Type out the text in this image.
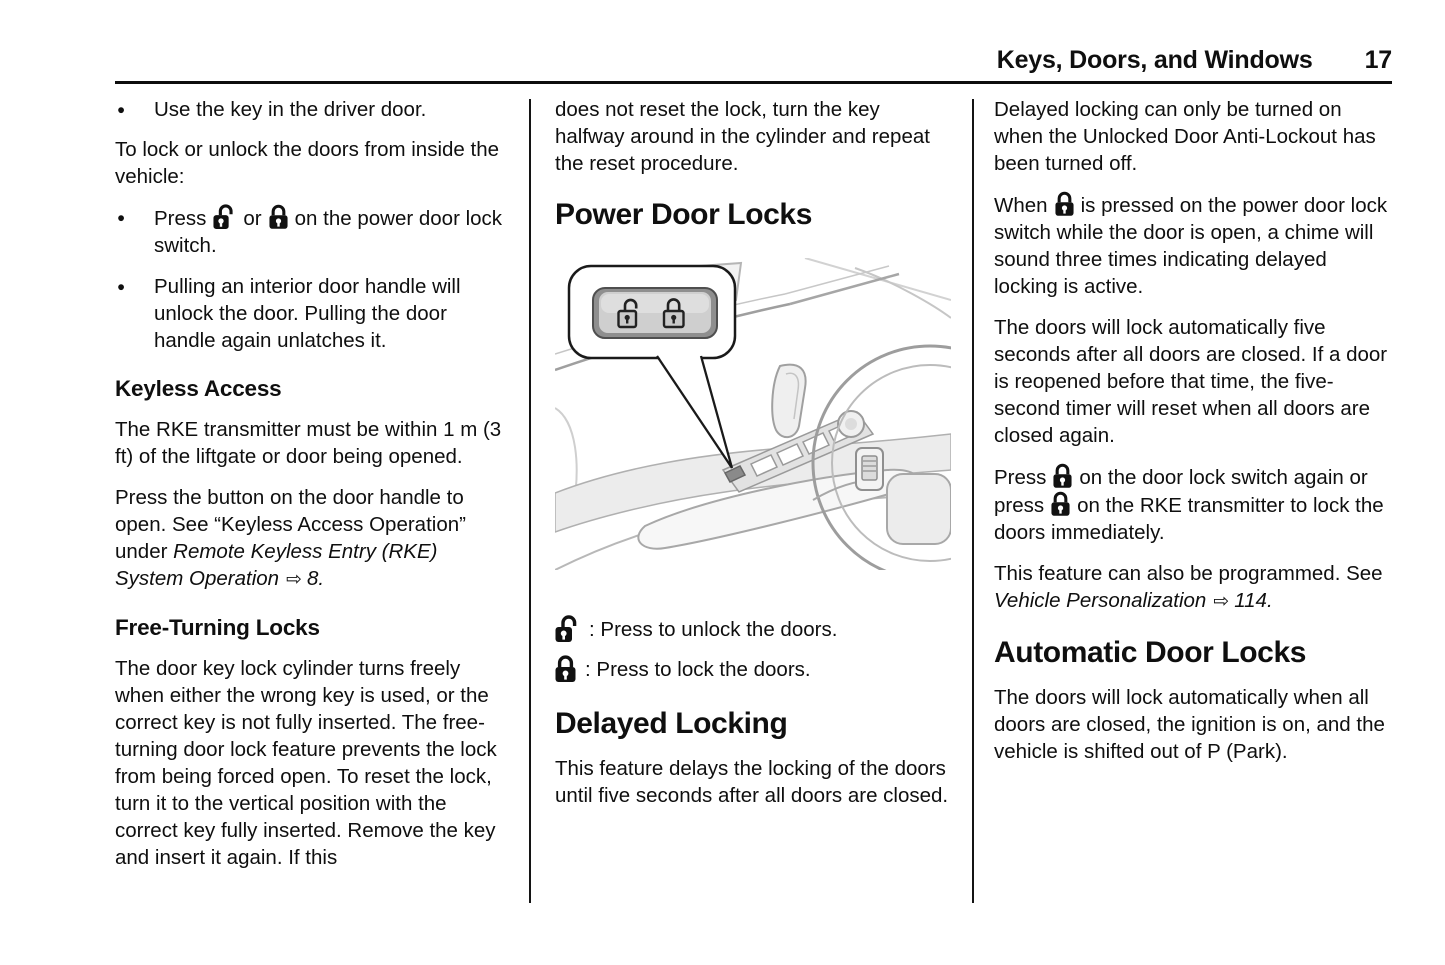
Keys, Doors, and Windows 17
●	Use the key in the driver door.

To lock or unlock the doors from inside the vehicle:

●	Press or on the power door lock switch.
●	Pulling an interior door handle will unlock the door. Pulling the door handle again unlatches it.
Keyless Access

The RKE transmitter must be within 1 m (3 ft) of the liftgate or door being opened.

Press the button on the door handle to open. See “Keyless Access Operation” under Remote Keyless Entry (RKE) System Operation ⇨ 8.

Free-Turning Locks

The door key lock cylinder turns freely when either the wrong key is used, or the correct key is not fully inserted. The free-turning door lock feature prevents the lock from being forced open. To reset the lock, turn it to the vertical position with the correct key fully inserted. Remove the key and insert it again. If this

does not reset the lock, turn the key halfway around in the cylinder and repeat the reset procedure.

Power Door Locks

: Press to unlock the doors.

: Press to lock the doors.

Delayed Locking

This feature delays the locking of the doors until five seconds after all doors are closed.

Delayed locking can only be turned on when the Unlocked Door Anti-Lockout has been turned off.

When is pressed on the power door lock switch while the door is open, a chime will sound three times indicating delayed locking is active.

The doors will lock automatically five seconds after all doors are closed. If a door is reopened before that time, the five-second timer will reset when all doors are closed again.

Press on the door lock switch again or press on the RKE transmitter to lock the doors immediately.

This feature can also be programmed. See Vehicle Personalization ⇨ 114.

Automatic Door Locks

The doors will lock automatically when all doors are closed, the ignition is on, and the vehicle is shifted out of P (Park).
